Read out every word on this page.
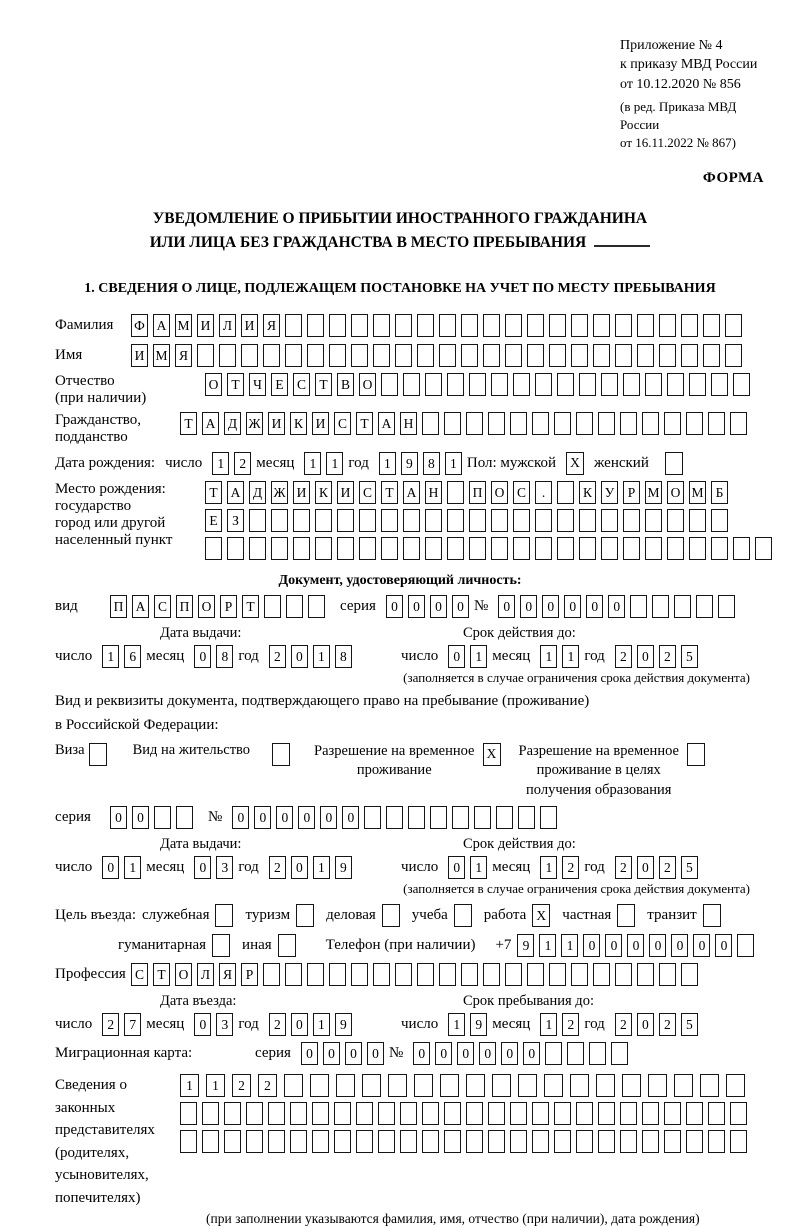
Приложение № 4
к приказу МВД России
от 10.12.2020 № 856
(в ред. Приказа МВД России
от 16.11.2022 № 867)
ФОРМА
УВЕДОМЛЕНИЕ О ПРИБЫТИИ ИНОСТРАННОГО ГРАЖДАНИНА
ИЛИ ЛИЦА БЕЗ ГРАЖДАНСТВА В МЕСТО ПРЕБЫВАНИЯ
1. СВЕДЕНИЯ О ЛИЦЕ, ПОДЛЕЖАЩЕМ ПОСТАНОВКЕ НА УЧЕТ ПО МЕСТУ ПРЕБЫВАНИЯ
Фамилия	Ф А М И Л И Я
Имя	И М Я
Отчество
(при наличии)
О Т Ч Е С Т В О
Гражданство,
подданство
Т А Д Ж И К И С Т А Н
Дата рождения: число	1	2 месяц	1	1 год	1	9	8	1 Пол: мужской	X женский
Место рождения:
государство
город или другой
населенный пункт
Т А Д Ж И К И С Т А Н	П О С	.	К У Р М О М Б
Е	З
Документ, удостоверяющий личность:
вид	П А С П О Р	Т	серия	0	0	0	0 №	0	0	0	0	0	0
Дата выдачи:
число	1	6 месяц	0	8 год	2	0	1	8
Срок действия до:
число	0	1 месяц	1	1 год	2	0	2	5
(заполняется в случае ограничения срока действия документа)
Вид и реквизиты документа, подтверждающего право на пребывание (проживание)
в Российской Федерации:
Виза	Вид на жительство	Разрешение на временное
проживание
X Разрешение на временное
проживание в целях
получения образования
серия	0	0	№	0	0	0	0	0	0
Дата выдачи:
число	0	1 месяц	0	3 год	2	0	1	9
Срок действия до:
число	0	1 месяц	1	2 год	2	0	2	5
(заполняется в случае ограничения срока действия документа)
Цель въезда: служебная туризм деловая учеба работа X частная транзит
гуманитарная иная	Телефон (при наличии) +7 9	1	1	0	0	0	0	0	0	0
Профессия С Т О Л Я	Р
Дата въезда:
число	2	7 месяц	0	3 год	2	0	1	9
Срок пребывания до:
число	1	9 месяц	1	2 год	2	0	2	5
Миграционная карта:	серия	0	0	0	0 №	0	0	0	0	0	0
Сведения о
законных
представителях
(родителях,
усыновителях,
попечителях)
1	1	2	2
(при заполнении указываются фамилия, имя, отчество (при наличии), дата рождения)
